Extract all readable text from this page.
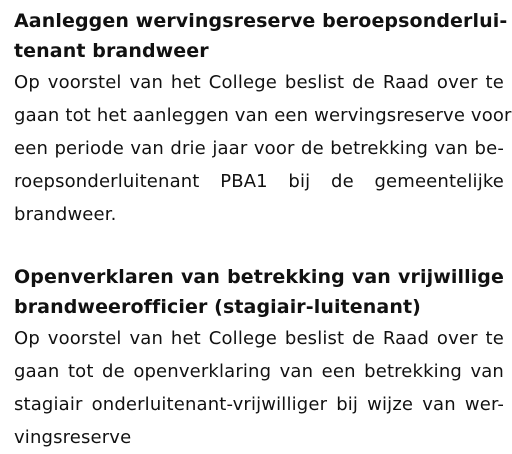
Aanleggen wervingsreserve beroepsonderlui-
tenant brandweer
Op voorstel van het College beslist de Raad over te
gaan tot het aanleggen van een wervingsreserve voor
een periode van drie jaar voor de betrekking van be-
roepsonderluitenant PBA1 bij de gemeentelijke
brandweer.
Openverklaren van betrekking van vrijwillige
brandweerofficier (stagiair-luitenant)
Op voorstel van het College beslist de Raad over te
gaan tot de openverklaring van een betrekking van
stagiair onderluitenant-vrijwilliger bij wijze van wer-
vingsreserve
